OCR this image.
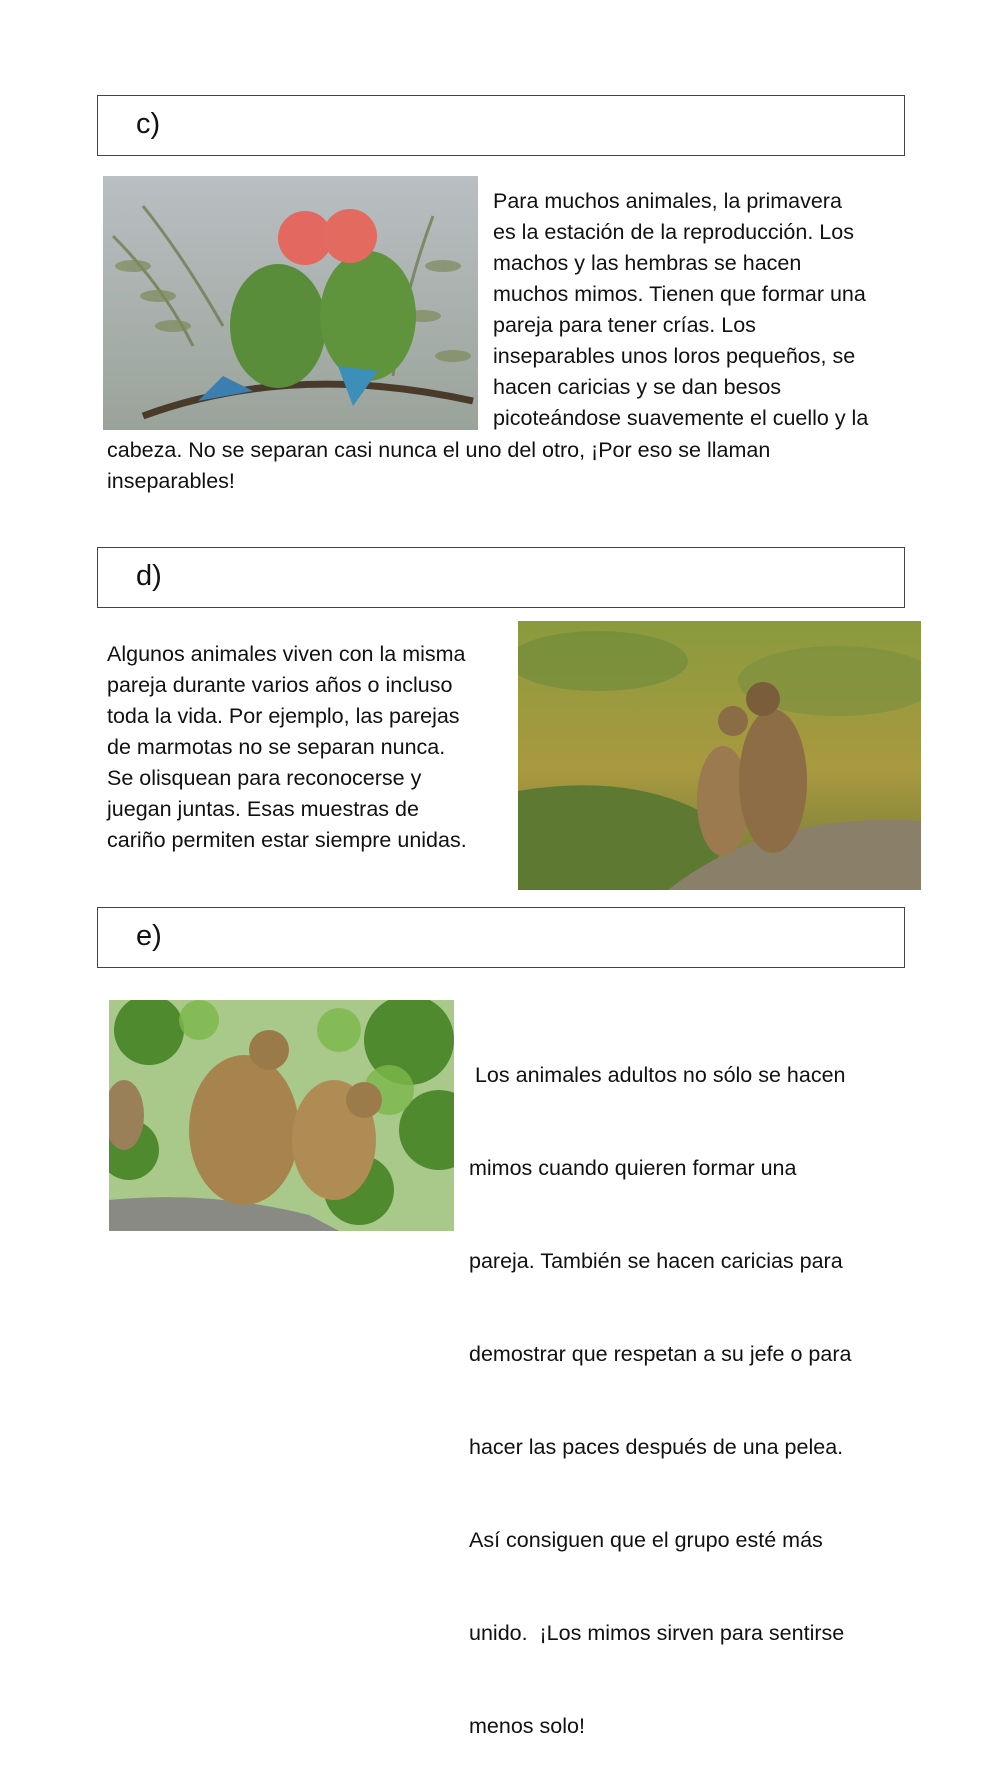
c)
Para muchos animales, la primavera
es la estación de la reproducción. Los
machos y las hembras se hacen
muchos mimos. Tienen que formar una
pareja para tener crías. Los
inseparables unos loros pequeños, se
hacen caricias y se dan besos
picoteándose suavemente el cuello y la
cabeza. No se separan casi nunca el uno del otro, ¡Por eso se llaman
inseparables!
d)
Algunos animales viven con la misma
pareja durante varios años o incluso
toda la vida. Por ejemplo, las parejas
de marmotas no se separan nunca.
Se olisquean para reconocerse y
juegan juntas. Esas muestras de
cariño permiten estar siempre unidas.
e)

Los animales adultos no sólo se hacen

mimos cuando quieren formar una

pareja. También se hacen caricias para

demostrar que respetan a su jefe o para

hacer las paces después de una pelea.

Así consiguen que el grupo esté más

unido.  ¡Los mimos sirven para sentirse

menos solo!
